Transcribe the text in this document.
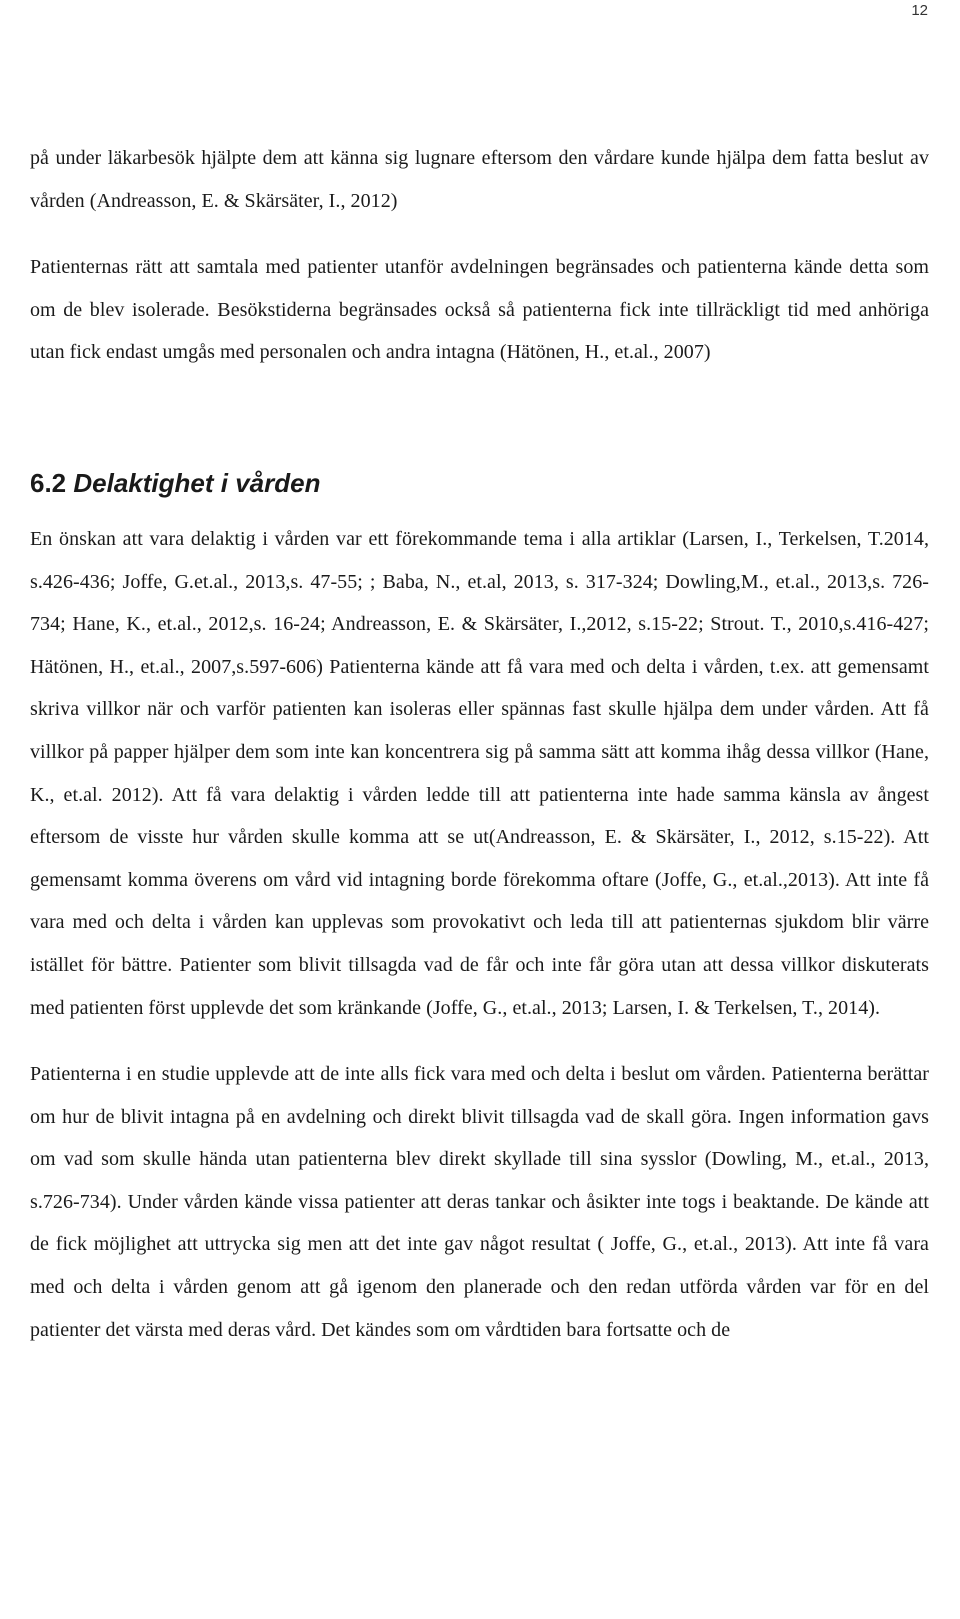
12

på under läkarbesök hjälpte dem att känna sig lugnare eftersom den vårdare kunde hjälpa dem fatta beslut av vården (Andreasson, E. & Skärsäter, I., 2012)

Patienternas rätt att samtala med patienter utanför avdelningen begränsades och patienterna kände detta som om de blev isolerade. Besökstiderna begränsades också så patienterna fick inte tillräckligt tid med anhöriga utan fick endast umgås med personalen och andra intagna (Hätönen, H., et.al., 2007)

6.2 Delaktighet i vården

En önskan att vara delaktig i vården var ett förekommande tema i alla artiklar (Larsen, I., Terkelsen, T.2014, s.426-436; Joffe, G.et.al., 2013,s. 47-55; ; Baba, N., et.al, 2013, s. 317-324; Dowling,M., et.al., 2013,s. 726-734; Hane, K., et.al., 2012,s. 16-24; Andreasson, E. & Skärsäter, I.,2012, s.15-22; Strout. T., 2010,s.416-427; Hätönen, H., et.al., 2007,s.597-606) Patienterna kände att få vara med och delta i vården, t.ex. att gemensamt skriva villkor när och varför patienten kan isoleras eller spännas fast skulle hjälpa dem under vården. Att få villkor på papper hjälper dem som inte kan koncentrera sig på samma sätt att komma ihåg dessa villkor (Hane, K., et.al. 2012). Att få vara delaktig i vården ledde till att patienterna inte hade samma känsla av ångest eftersom de visste hur vården skulle komma att se ut(Andreasson, E. & Skärsäter, I., 2012, s.15-22). Att gemensamt komma överens om vård vid intagning borde förekomma oftare (Joffe, G., et.al.,2013). Att inte få vara med och delta i vården kan upplevas som provokativt och leda till att patienternas sjukdom blir värre istället för bättre. Patienter som blivit tillsagda vad de får och inte får göra utan att dessa villkor diskuterats med patienten först upplevde det som kränkande (Joffe, G., et.al., 2013; Larsen, I. & Terkelsen, T., 2014).

Patienterna i en studie upplevde att de inte alls fick vara med och delta i beslut om vården. Patienterna berättar om hur de blivit intagna på en avdelning och direkt blivit tillsagda vad de skall göra. Ingen information gavs om vad som skulle hända utan patienterna blev direkt skyllade till sina sysslor (Dowling, M., et.al., 2013, s.726-734). Under vården kände vissa patienter att deras tankar och åsikter inte togs i beaktande. De kände att de fick möjlighet att uttrycka sig men att det inte gav något resultat ( Joffe, G., et.al., 2013). Att inte få vara med och delta i vården genom att gå igenom den planerade och den redan utförda vården var för en del patienter det värsta med deras vård. Det kändes som om vårdtiden bara fortsatte och de
